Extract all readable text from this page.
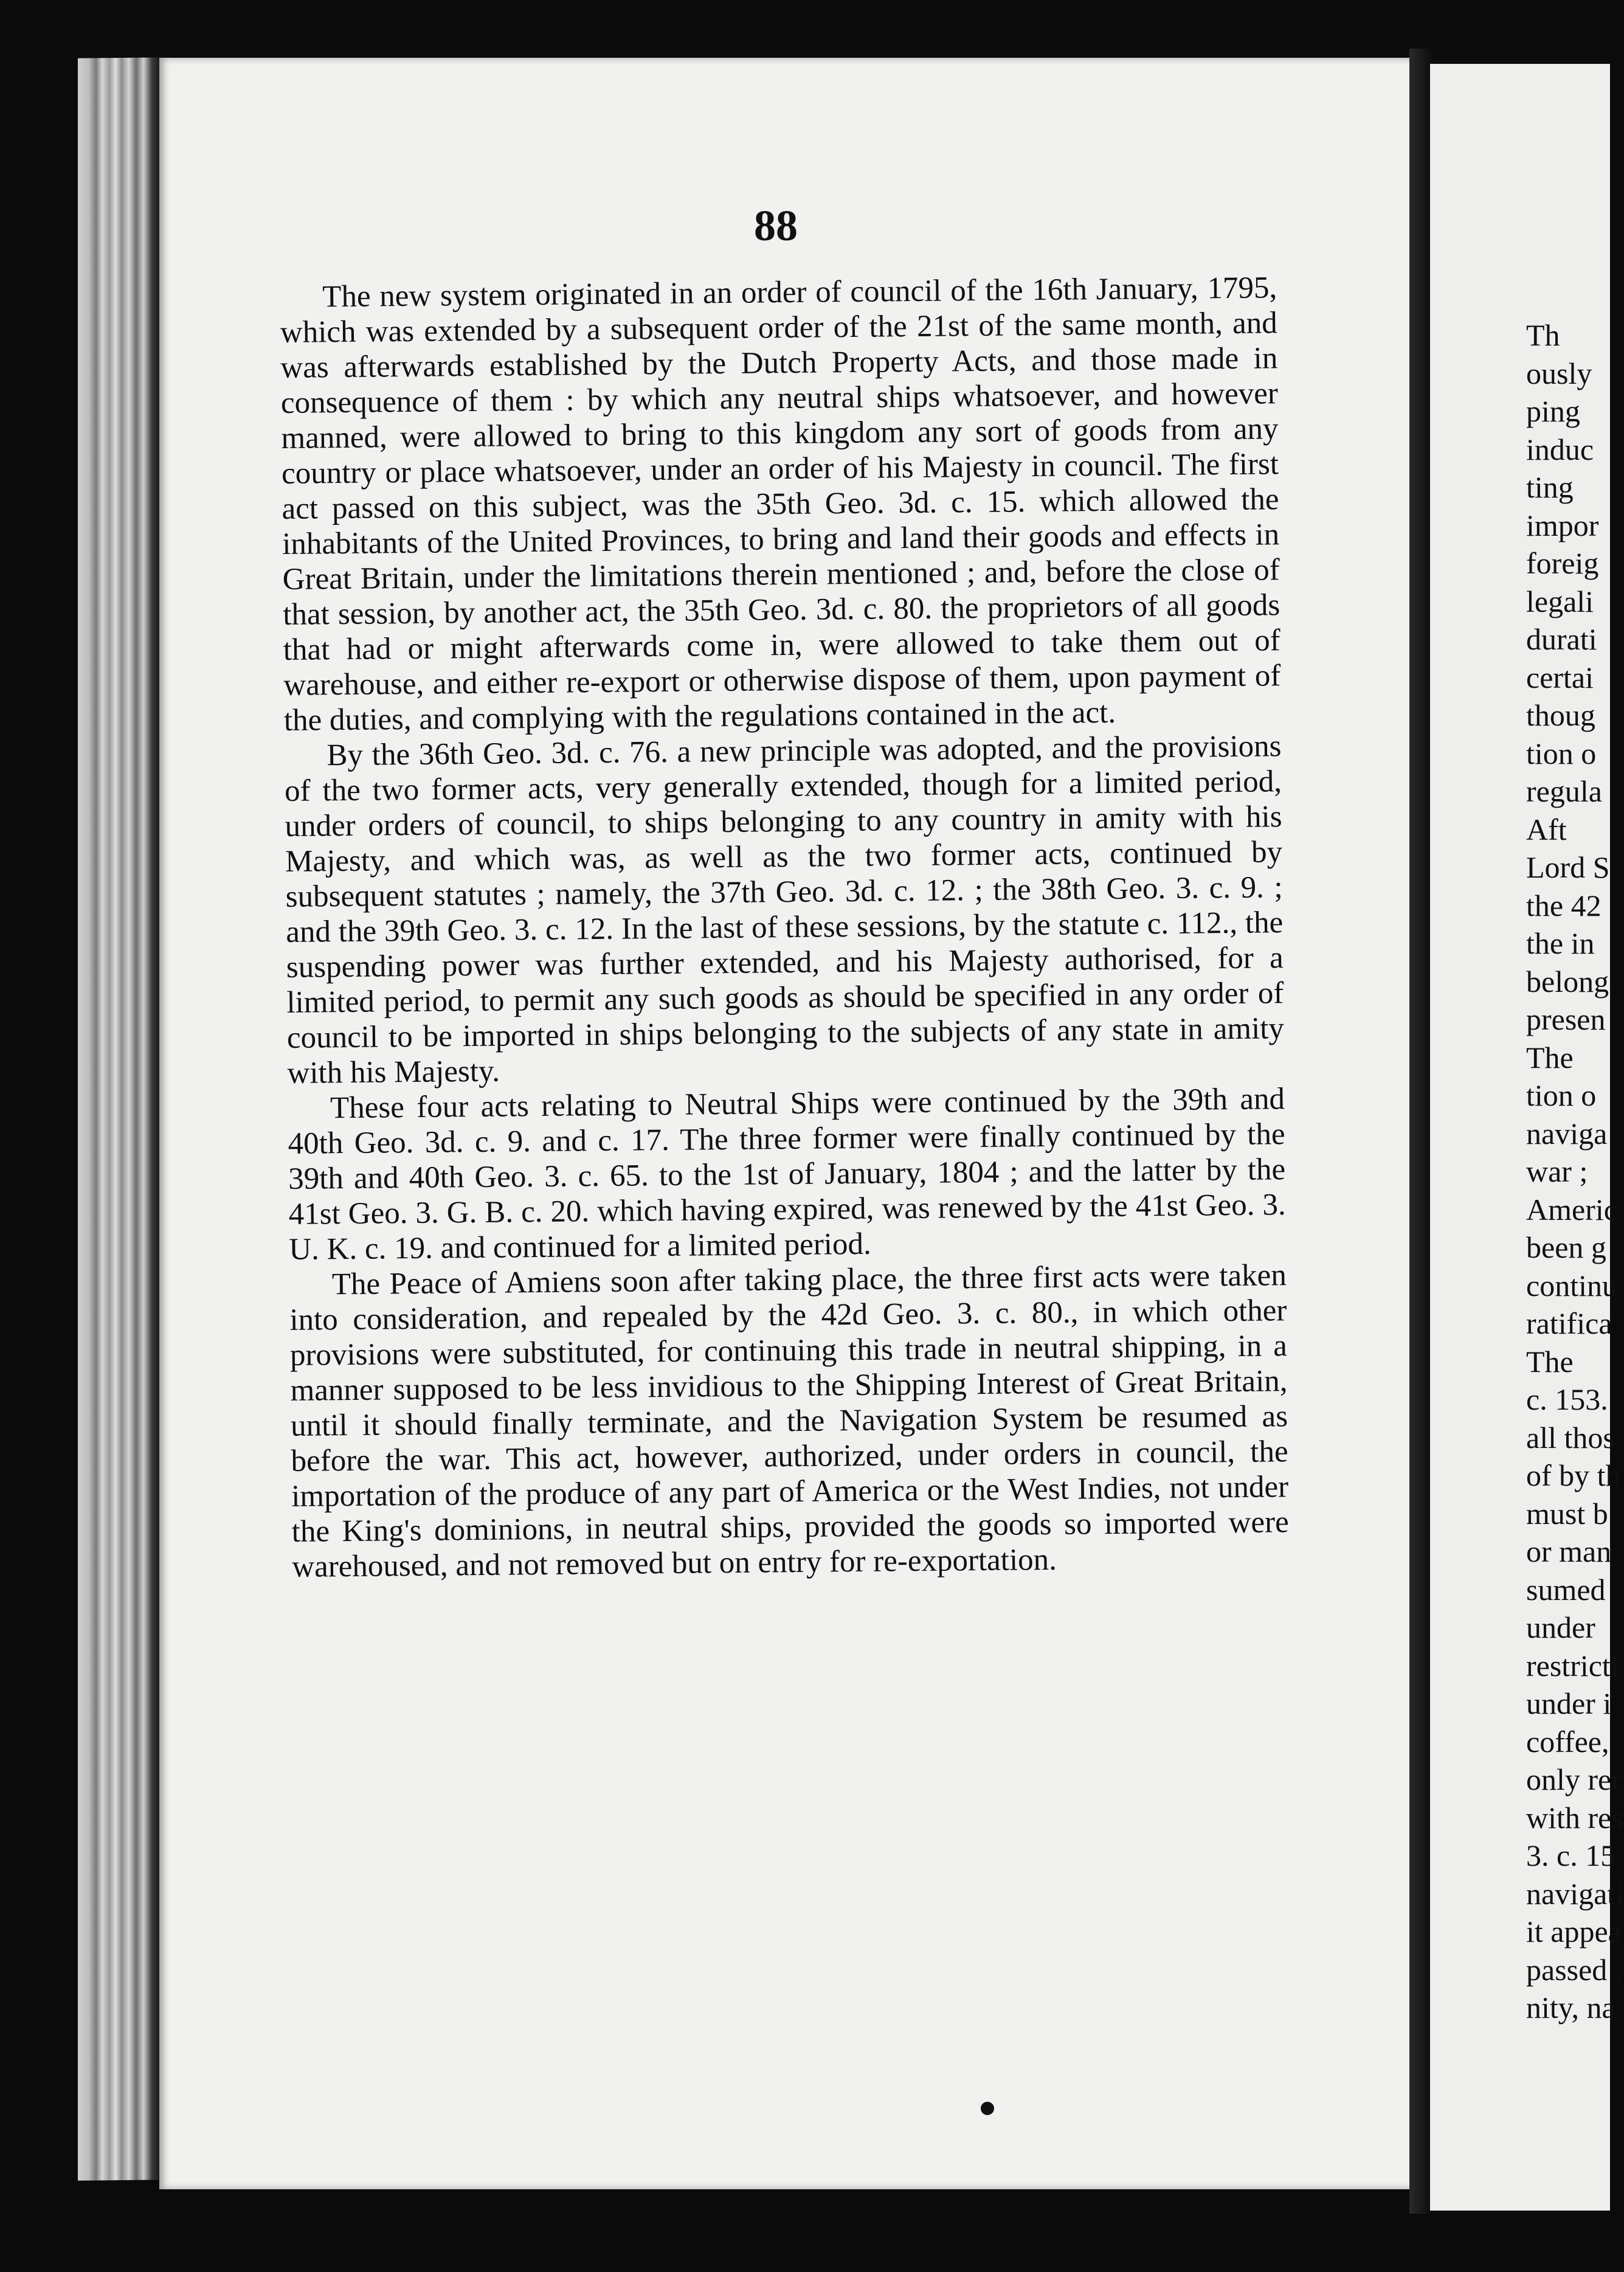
88

The new system originated in an order of council of the 16th January, 1795, which was extended by a subsequent order of the 21st of the same month, and was afterwards established by the Dutch Property Acts, and those made in consequence of them : by which any neutral ships whatsoever, and however manned, were allowed to bring to this kingdom any sort of goods from any country or place whatsoever, under an order of his Majesty in council. The first act passed on this subject, was the 35th Geo. 3d. c. 15. which allowed the inhabitants of the United Provinces, to bring and land their goods and effects in Great Britain, under the limitations therein mentioned ; and, before the close of that session, by another act, the 35th Geo. 3d. c. 80. the proprietors of all goods that had or might afterwards come in, were allowed to take them out of warehouse, and either re-export or otherwise dispose of them, upon payment of the duties, and complying with the regulations contained in the act.

By the 36th Geo. 3d. c. 76. a new principle was adopted, and the provisions of the two former acts, very generally extended, though for a limited period, under orders of council, to ships belonging to any country in amity with his Majesty, and which was, as well as the two former acts, continued by subsequent statutes ; namely, the 37th Geo. 3d. c. 12. ; the 38th Geo. 3. c. 9. ; and the 39th Geo. 3. c. 12. In the last of these sessions, by the statute c. 112., the suspending power was further extended, and his Majesty authorised, for a limited period, to permit any such goods as should be specified in any order of council to be imported in ships belonging to the subjects of any state in amity with his Majesty.

These four acts relating to Neutral Ships were continued by the 39th and 40th Geo. 3d. c. 9. and c. 17. The three former were finally continued by the 39th and 40th Geo. 3. c. 65. to the 1st of January, 1804 ; and the latter by the 41st Geo. 3. G. B. c. 20. which having expired, was renewed by the 41st Geo. 3. U. K. c. 19. and continued for a limited period.

The Peace of Amiens soon after taking place, the three first acts were taken into consideration, and repealed by the 42d Geo. 3. c. 80., in which other provisions were substituted, for continuing this trade in neutral shipping, in a manner supposed to be less invidious to the Shipping Interest of Great Britain, until it should finally terminate, and the Navigation System be resumed as before the war. This act, however, authorized, under orders in council, the importation of the produce of any part of America or the West Indies, not under the King's dominions, in neutral ships, provided the goods so imported were warehoused, and not removed but on entry for re-exportation.

Th
ously
ping
induc
ting
impor
foreig
legali
durati
certai
thoug
tion o
regula
Aft
Lord S
the 42
the in
belong
presen
The
tion o
naviga
war ;
Americ
been g
continu
ratifica
The
c. 153.
all thos
of by th
must b
or man
sumed
under
restricti
under i
coffee,
only rer
with res
3. c. 15
navigati
it appea
passed ;
nity, na
